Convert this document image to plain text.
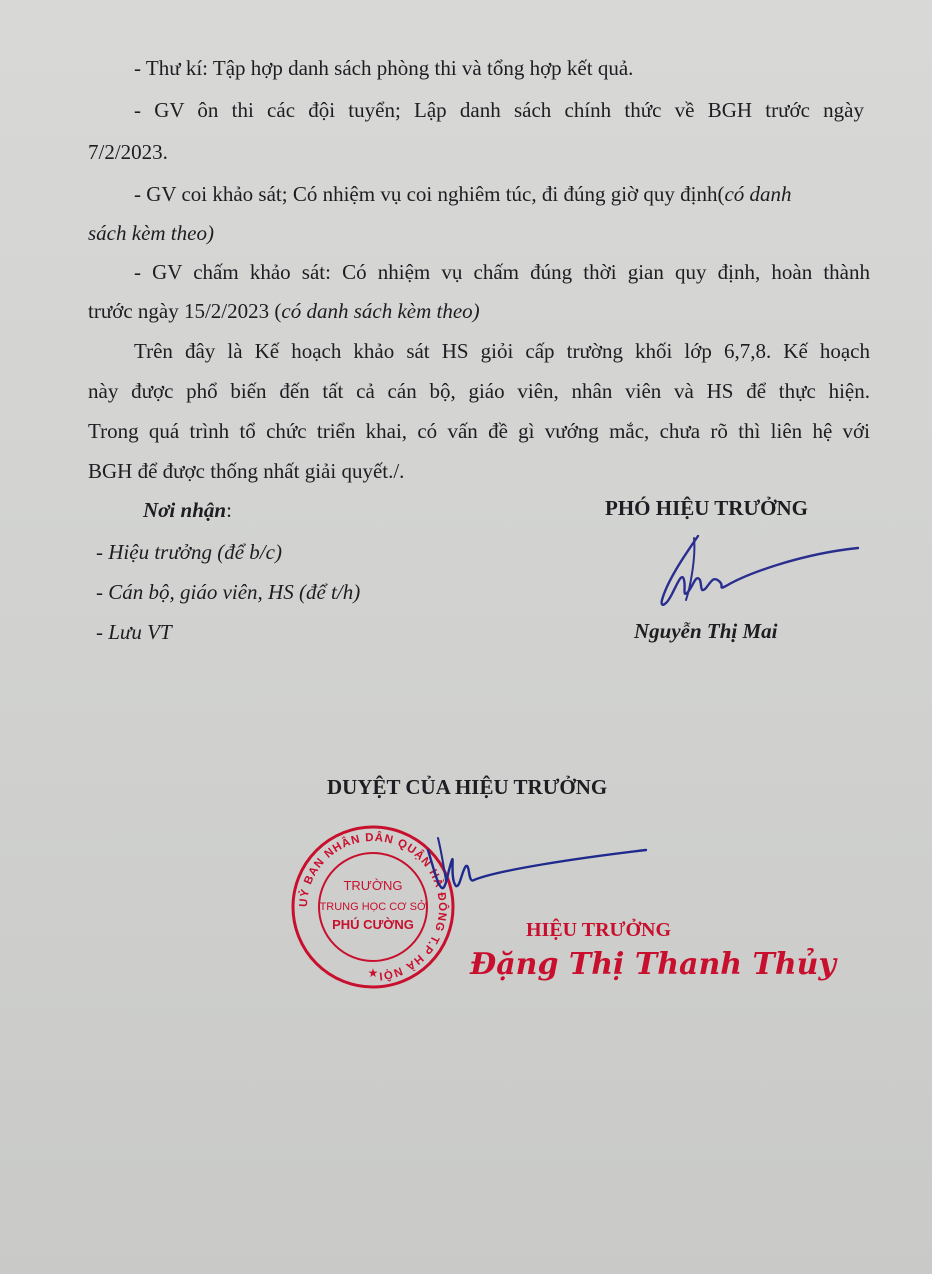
- Thư kí: Tập hợp danh sách phòng thi và tổng hợp kết quả.
- GV ôn thi các đội tuyển; Lập danh sách chính thức về BGH trước ngày
7/2/2023.
- GV coi khảo sát; Có nhiệm vụ coi nghiêm túc, đi đúng giờ quy định(có danh
sách kèm theo)
- GV chấm khảo sát: Có nhiệm vụ chấm đúng thời gian quy định, hoàn thành
trước ngày 15/2/2023 (có danh sách kèm theo)
Trên đây là Kế hoạch khảo sát HS giỏi cấp trường khối lớp 6,7,8. Kế hoạch
này được phổ biến đến tất cả cán bộ, giáo viên, nhân viên và HS để thực hiện.
Trong quá trình tổ chức triển khai, có vấn đề gì vướng mắc, chưa rõ thì liên hệ với
BGH để được thống nhất giải quyết./.
Nơi nhận:
- Hiệu trưởng (để b/c)
- Cán bộ, giáo viên, HS (để t/h)
- Lưu VT
PHÓ HIỆU TRƯỞNG
Nguyễn Thị Mai
DUYỆT CỦA HIỆU TRƯỞNG
UỶ BAN NHÂN DÂN QUẬN HÀ ĐÔNG T.P HÀ NỘI
TRƯỜNG
TRUNG HỌC CƠ SỞ
PHÚ CƯỜNG
★
HIỆU TRƯỞNG
Đặng Thị Thanh Thủy
